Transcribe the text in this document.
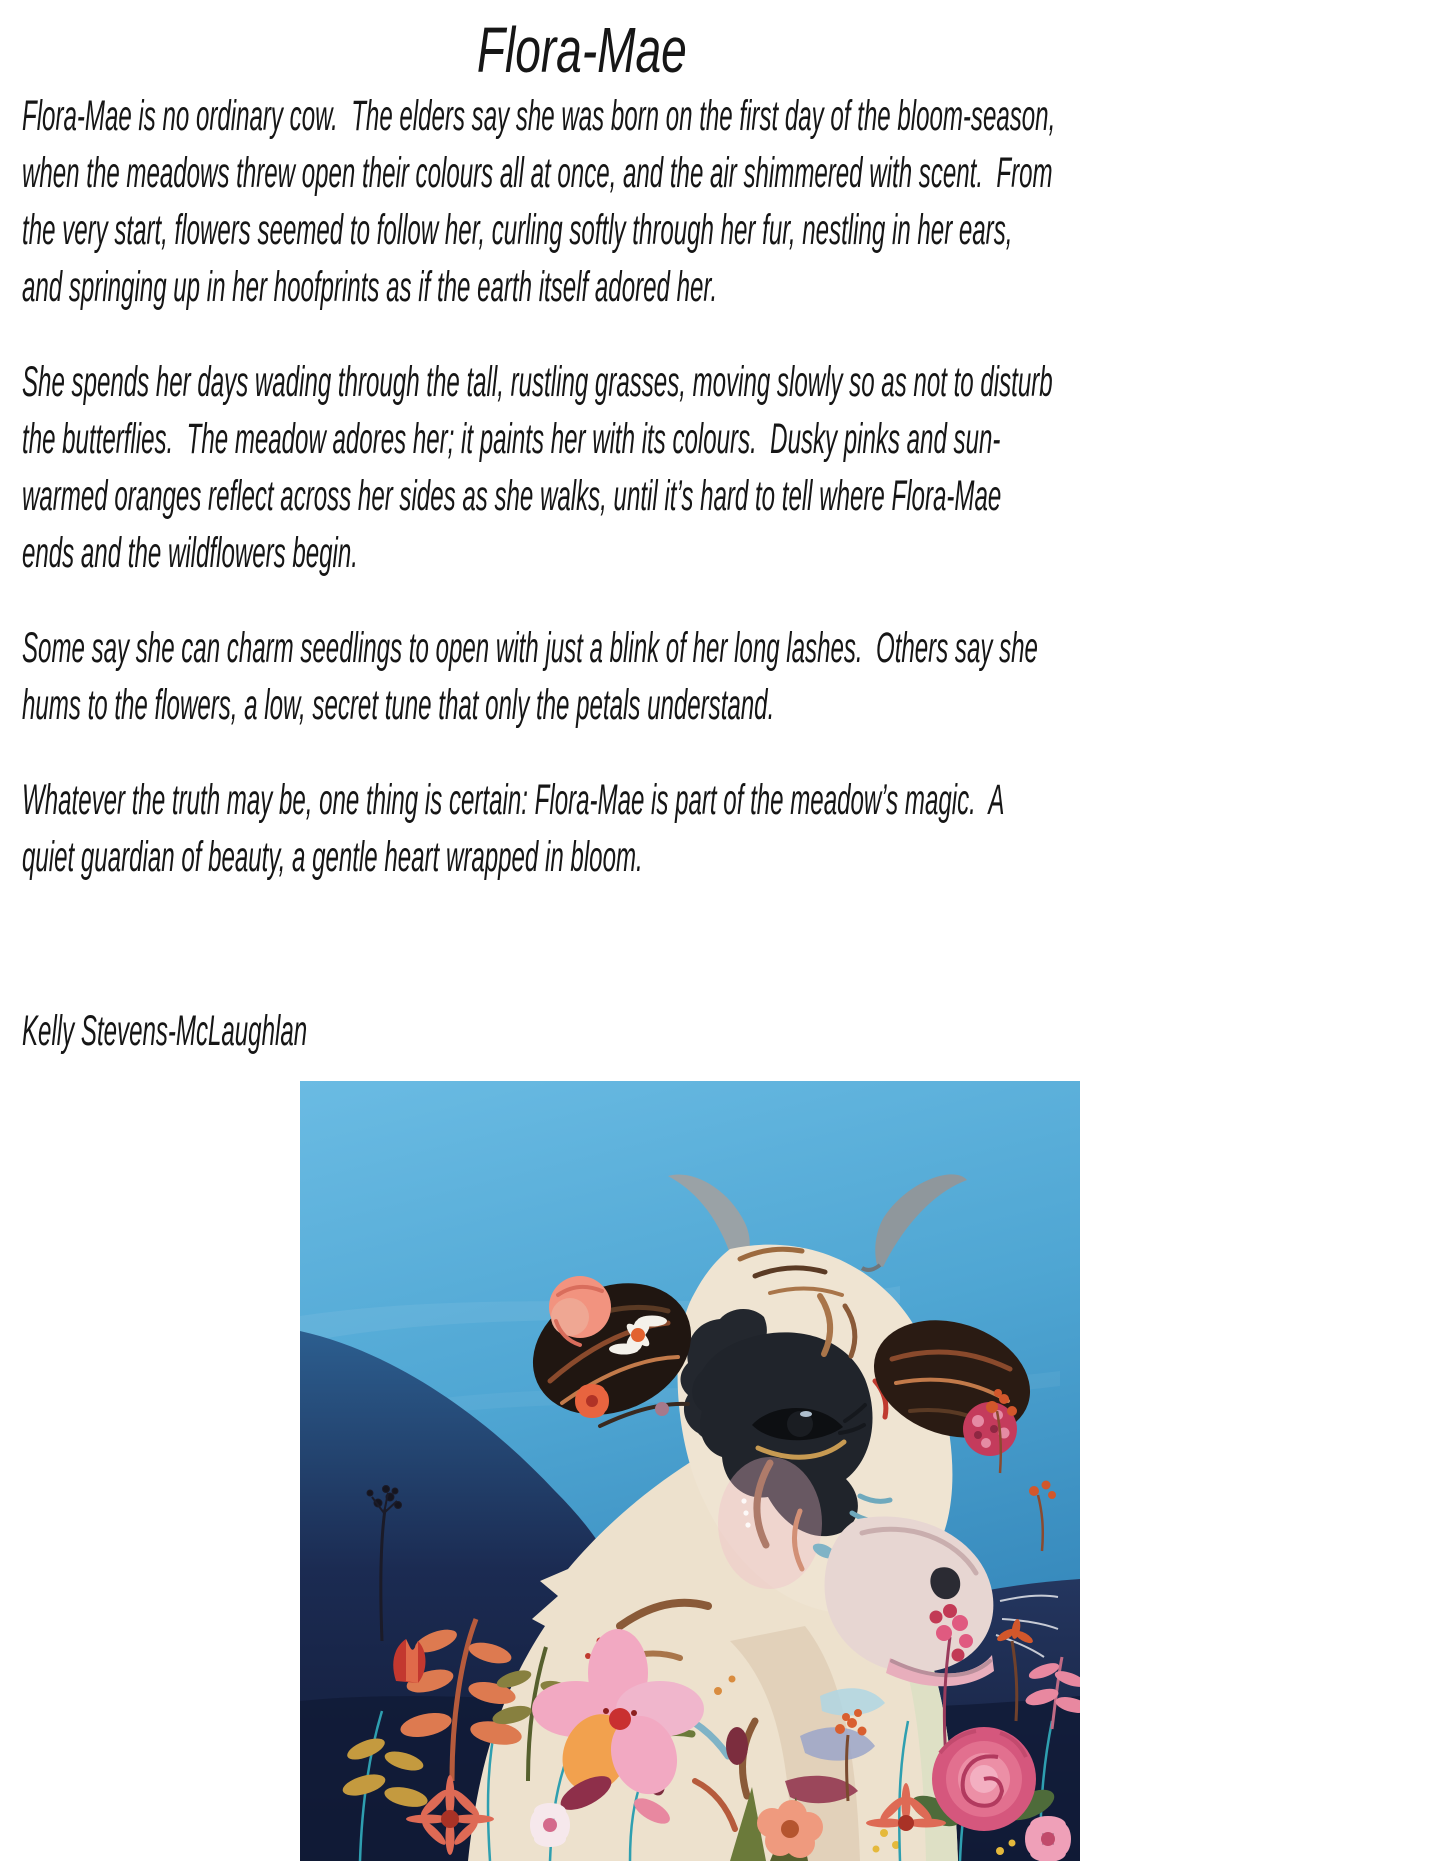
Flora-Mae
Flora-Mae is no ordinary cow.  The elders say she was born on the first day of the bloom-season,
when the meadows threw open their colours all at once, and the air shimmered with scent.  From
the very start, flowers seemed to follow her, curling softly through her fur, nestling in her ears,
and springing up in her hoofprints as if the earth itself adored her.
She spends her days wading through the tall, rustling grasses, moving slowly so as not to disturb
the butterflies.  The meadow adores her; it paints her with its colours.  Dusky pinks and sun-
warmed oranges reflect across her sides as she walks, until it’s hard to tell where Flora-Mae
ends and the wildflowers begin.
Some say she can charm seedlings to open with just a blink of her long lashes.  Others say she
hums to the flowers, a low, secret tune that only the petals understand.
Whatever the truth may be, one thing is certain: Flora-Mae is part of the meadow’s magic.  A
quiet guardian of beauty, a gentle heart wrapped in bloom.
Kelly Stevens-McLaughlan
